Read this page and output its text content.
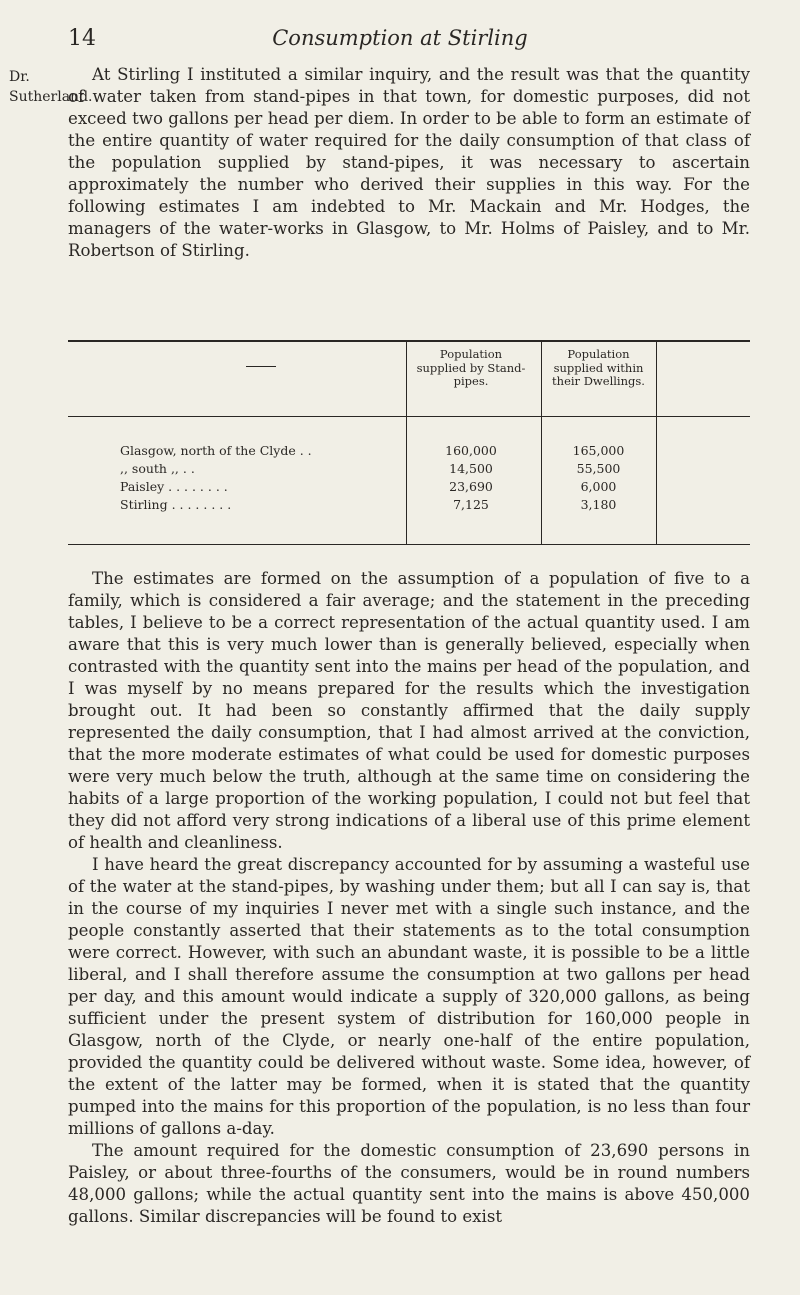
14	Consumption at Stirling
Dr.
Sutherland.

At Stirling I instituted a similar inquiry, and the result was that the quantity of water taken from stand-pipes in that town, for domestic purposes, did not exceed two gallons per head per diem. In order to be able to form an estimate of the entire quantity of water required for the daily consumption of that class of the population supplied by stand-pipes, it was necessary to ascertain approximately the number who derived their supplies in this way. For the following estimates I am indebted to Mr. Mackain and Mr. Hodges, the managers of the water-works in Glasgow, to Mr. Holms of Paisley, and to Mr. Robertson of Stirling.

Population supplied by Stand-pipes.
Population supplied within their Dwellings.
Glasgow, north of the Clyde . .	160,000	165,000
,, south ,, . .	14,500	55,500
Paisley . . . . . . . .	23,690	6,000
Stirling . . . . . . . .	7,125	3,180

The estimates are formed on the assumption of a population of five to a family, which is considered a fair average; and the statement in the preceding tables, I believe to be a correct representation of the actual quantity used. I am aware that this is very much lower than is generally believed, especially when contrasted with the quantity sent into the mains per head of the population, and I was myself by no means prepared for the results which the investigation brought out. It had been so constantly affirmed that the daily supply represented the daily consumption, that I had almost arrived at the conviction, that the more moderate estimates of what could be used for domestic purposes were very much below the truth, although at the same time on considering the habits of a large proportion of the working population, I could not but feel that they did not afford very strong indications of a liberal use of this prime element of health and cleanliness.

I have heard the great discrepancy accounted for by assuming a wasteful use of the water at the stand-pipes, by washing under them; but all I can say is, that in the course of my inquiries I never met with a single such instance, and the people constantly asserted that their statements as to the total consumption were correct. However, with such an abundant waste, it is possible to be a little liberal, and I shall therefore assume the consumption at two gallons per head per day, and this amount would indicate a supply of 320,000 gallons, as being sufficient under the present system of distribution for 160,000 people in Glasgow, north of the Clyde, or nearly one-half of the entire population, provided the quantity could be delivered without waste. Some idea, however, of the extent of the latter may be formed, when it is stated that the quantity pumped into the mains for this proportion of the population, is no less than four millions of gallons a-day.

The amount required for the domestic consumption of 23,690 persons in Paisley, or about three-fourths of the consumers, would be in round numbers 48,000 gallons; while the actual quantity sent into the mains is above 450,000 gallons. Similar discrepancies will be found to exist
